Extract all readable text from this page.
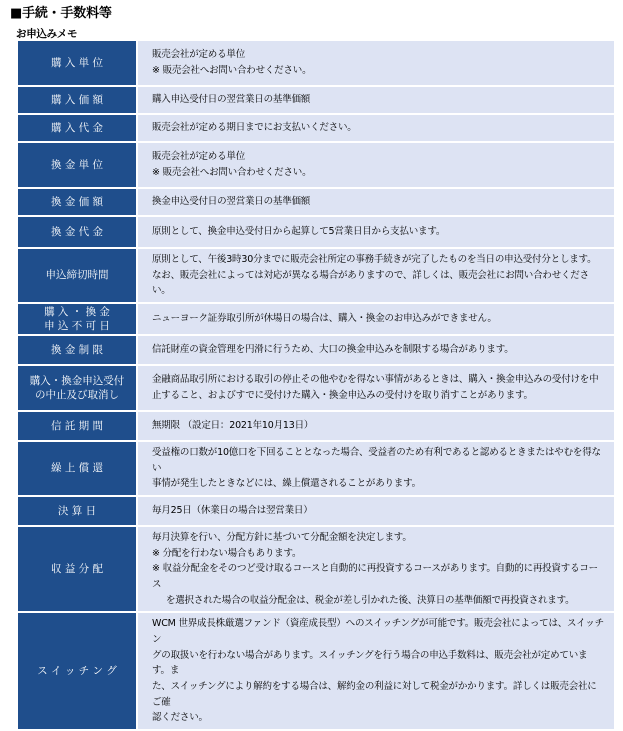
■手続・手数料等
お申込みメモ
購 入 単 位	販売会社が定める単位
※ 販売会社へお問い合わせください。

購 入 価 額	購入申込受付日の翌営業日の基準価額

購 入 代 金	販売会社が定める期日までにお支払いください。

換 金 単 位	販売会社が定める単位
※ 販売会社へお問い合わせください。

換 金 価 額	換金申込受付日の翌営業日の基準価額

換 金 代 金	原則として、換金申込受付日から起算して5営業日目から支払います。

申込締切時間	原則として、午後3時30分までに販売会社所定の事務手続きが完了したものを当日の申込受付分とします。
なお、販売会社によっては対応が異なる場合がありますので、詳しくは、販売会社にお問い合わせください。

購 入 ・ 換 金
申 込 不 可 日	ニューヨーク証券取引所が休場日の場合は、購入・換金のお申込みができません。

換 金 制 限	信託財産の資金管理を円滑に行うため、大口の換金申込みを制限する場合があります。

購入・換金申込受付
の中止及び取消し	金融商品取引所における取引の停止その他やむを得ない事情があるときは、購入・換金申込みの受付けを中
止すること、およびすでに受付けた購入・換金申込みの受付けを取り消すことがあります。

信 託 期 間	無期限 （設定日：2021年10月13日）

繰 上 償 還	受益権の口数が10億口を下回ることとなった場合、受益者のため有利であると認めるときまたはやむを得ない
事情が発生したときなどには、繰上償還されることがあります。

決 算 日	毎月25日（休業日の場合は翌営業日）

収 益 分 配	毎月決算を行い、分配方針に基づいて分配金額を決定します。
※ 分配を行わない場合もあります。
※ 収益分配金をそのつど受け取るコースと自動的に再投資するコースがあります。自動的に再投資するコース
を選択された場合の収益分配金は、税金が差し引かれた後、決算日の基準価額で再投資されます。

ス イ ッ チ ン グ	WCM 世界成長株厳選ファンド（資産成長型）へのスイッチングが可能です。販売会社によっては、スイッチン
グの取扱いを行わない場合があります。スイッチングを行う場合の申込手数料は、販売会社が定めています。ま
た、スイッチングにより解約をする場合は、解約金の利益に対して税金がかかります。詳しくは販売会社にご確
認ください。
